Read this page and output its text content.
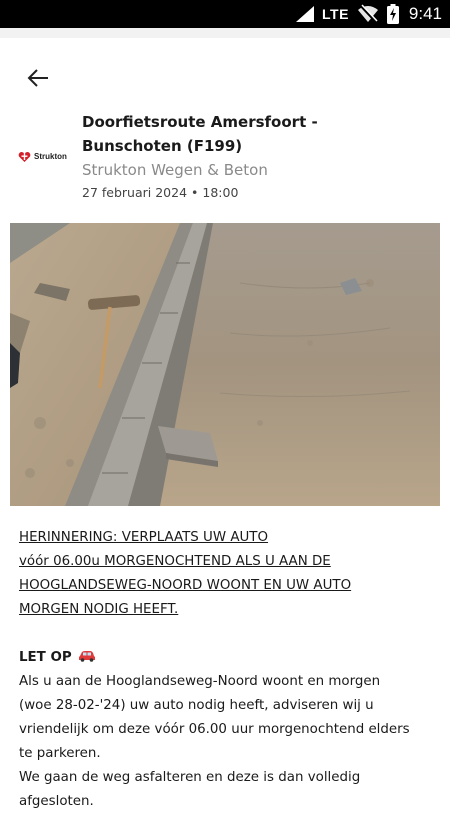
LTE	9:41
Strukton
Doorfietsroute Amersfoort -
Bunschoten (F199)
Strukton Wegen & Beton
27 februari 2024 • 18:00
HERINNERING: VERPLAATS UW AUTO
vóór 06.00u MORGENOCHTEND ALS U AAN DE
HOOGLANDSEWEG-NOORD WOONT EN UW AUTO
MORGEN NODIG HEEFT.
LET OP
Als u aan de Hooglandseweg-Noord woont en morgen
(woe 28-02-'24) uw auto nodig heeft, adviseren wij u
vriendelijk om deze vóór 06.00 uur morgenochtend elders
te parkeren.
We gaan de weg asfalteren en deze is dan volledig
afgesloten.
